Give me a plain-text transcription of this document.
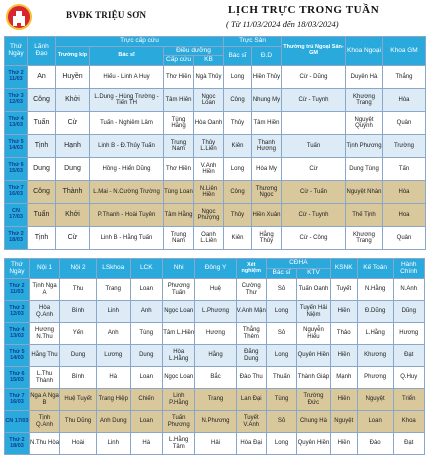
BVĐK TRIỆU SƠN	LỊCH TRỰC TRONG TUẦN
( Từ 11/03/2024 đến 18/03/2024)
Thứ Ngày	Lãnh Đạo	Trực cấp cứu				Trực Sản		Thường trú Ngoại Sản-GM	Khoa Ngoại	Khoa GM
		Trưởng kíp	Bác sĩ	Điều dưỡng		Bác sĩ	Đ.D			
				Cấp cứu	KB					
Thứ 2 11/03	An	Huyền	Hiếu - Linh A Huy	Thơ Hiền	Ngà Thủy	Long	Hiền Thủy	Cừ - Dũng	Duyên Hà	Thắng
Thứ 3 12/03	Công	Khởi	L.Dung - Hùng Trường - Tiến TH	Tâm Hiên	Ngọc Loan	Công	Nhung My	Cừ - Tuynh	Khương Trang	Hòa
Thứ 4 13/03	Tuấn	Cừ	Tuấn - Nghiêm Lâm	Tùng Hằng	Hòa Oanh	Thủy	Tâm Hiền		Nguyệt Quỳnh	Quân
Thứ 5 14/03	Tịnh	Hạnh	Linh B - Đ.Thủy Tuấn	Trung Nam	Thủy L.Liên	Kiên	Thanh Hương	Tuấn	Tịnh Phương	Trường
Thứ 6 15/03	Dung	Dung	Hồng - Hiển Dũng	Thơ Hiền	V.Anh Hiền	Long	Hòa My	Cừ	Dung Tùng	Tấn
Thứ 7 16/03	Công	Thành	L.Mai - N.Cường Trường	Tùng Loan	N.Liên Hiền	Công	Thương Ngọc	Cừ - Tuấn	Nguyệt Nhàn	Hòa
CN 17/03	Tuấn	Khởi	P.Thanh - Hoài Tuyên	Tâm Hằng	Ngọc Phượng	Thủy	Hiền Xuân	Cừ - Tuynh	Thế Tịnh	Hoa
Thứ 2 18/03	Tịnh	Cừ	Linh B - Hằng Tuấn	Trung Nam	Oanh L.Liên	Kiên	Hằng Thủy	Cừ - Công	Khương Trang	Quân
Thứ Ngày	Nội 1	Nội 2	LSkhoa	LCK	Nhi	Đông Y	Xét nghiệm	CĐHA		KSNK	Kế Toán	Hành Chính
								Bác sĩ	KTV			
Thứ 2 11/03	Tịnh Nga A	Thu	Trang	Loan	Phương Tuấn	Huệ	Cường Thư	Sỏ	Tuấn Oanh	Tuyết	N.Hằng	N.Anh
Thứ 3 12/03	Hòa Q.Anh	Bình	Linh	Anh	Ngọc Loan	L.Phương	V.Anh Mận	Long	Tuyến Hải Niệm	Hiền	Đ.Dũng	Dũng
Thứ 4 13/03	Hương N.Thu	Yến	Anh	Tùng	Tâm L.Hiền	Hương	Thắng Thêm	Sỏ	Nguyễn Hiếu	Thảo	L.Hằng	Hương
Thứ 5 14/03	Hằng Thu	Dung	Lương	Dung	Hòa L.Hằng	Hằng	Đăng Dung	Long	Quyên Hiền	Hiền	Khương	Đạt
Thứ 6 15/03	L.Thu Thành	Bình	Hà	Loan	Ngọc Loan	Bắc	Đào Thu	Thuấn	Thành Giáp	Mạnh	Phương	Q.Huy
Thứ 7 16/03	Nga A Nga B	Huệ Tuyết	Trang Hiệp	Chiến	Linh P.Hằng	Trang	Lan Đại	Tùng	Trường Đức	Hiền	Nguyệt	Triển
CN 17/03	Tịnh Q.Anh	Thu Dũng	Anh Dung	Loan	Tuấn Phương	N.Phương	Tuyết V.Anh	Sỏ	Chung Hà	Nguyệt	Loan	Khoa
Thứ 2 18/03	N.Thu Hòa	Hoài	Linh	Hà	L.Hằng Tâm	Hải	Hòa Đại	Long	Quyên Hiền	Hiền	Đào	Đạt
